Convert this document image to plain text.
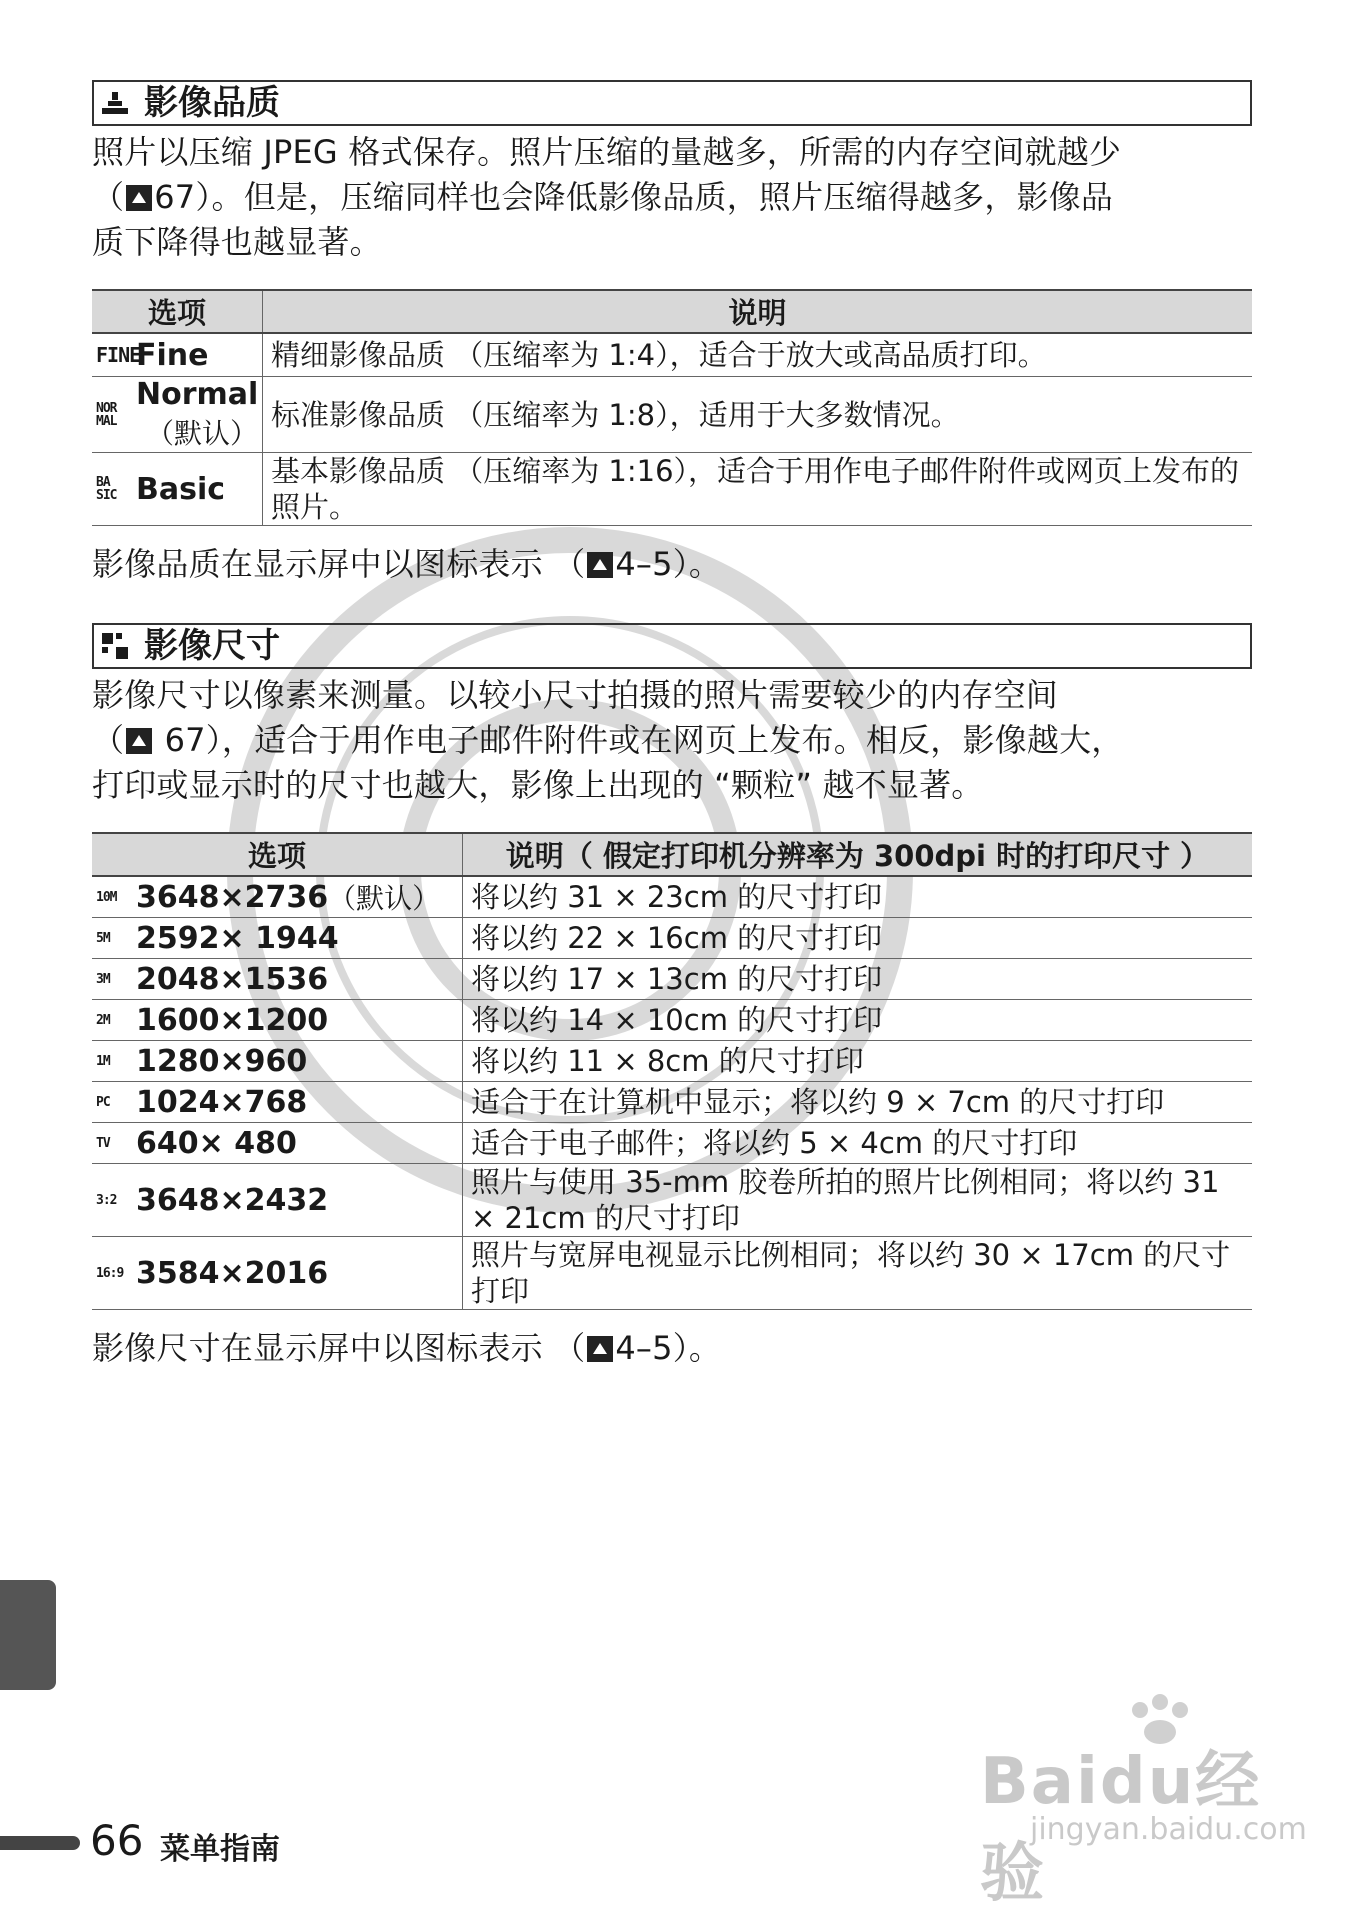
影像品质

照片以压缩 JPEG 格式保存。照片压缩的量越多，所需的内存空间就越少
（ 67）。但是，压缩同样也会降低影像品质，照片压缩得越多，影像品
质下降得也越显著。

选项	说明

FINE
Fine	精细影像品质 （压缩率为 1:4），适合于放大或高品质打印。

NOR
MAL
Normal
（默认）	标准影像品质 （压缩率为 1:8），适用于大多数情况。

BA
SIC Basic	基本影像品质 （压缩率为 1:16），适合于用作电子邮件附件或网页上发布的照片。

影像品质在显示屏中以图标表示 （ 4–5）。

影像尺寸

影像尺寸以像素来测量。以较小尺寸拍摄的照片需要较少的内存空间
（
67），适合于用作电子邮件附件或在网页上发布。相反，影像越大，
打印或显示时的尺寸也越大，影像上出现的 “颗粒” 越不显著。

选项	说明（ 假定打印机分辨率为 300dpi 时的打印尺寸 ）

10M 3648×2736 （默认）	将以约 31 × 23cm 的尺寸打印

5M 2592× 1944	将以约 22 × 16cm 的尺寸打印

3M 2048×1536	将以约 17 × 13cm 的尺寸打印

2M 1600×1200	将以约 14 × 10cm 的尺寸打印

1M 1280×960	将以约 11 × 8cm 的尺寸打印

PC 1024×768	适合于在计算机中显示；将以约 9 × 7cm 的尺寸打印

TV 640× 480	适合于电子邮件；将以约 5 × 4cm 的尺寸打印

3:2 3648×2432	照片与使用 35-mm 胶卷所拍的照片比例相同；将以约 31 × 21cm 的尺寸打印

16:9 3584×2016	照片与宽屏电视显示比例相同；将以约 30 × 17cm 的尺寸打印

影像尺寸在显示屏中以图标表示 （ 4–5）。

Baidu经验
jingyan.baidu.com
66 菜单指南
